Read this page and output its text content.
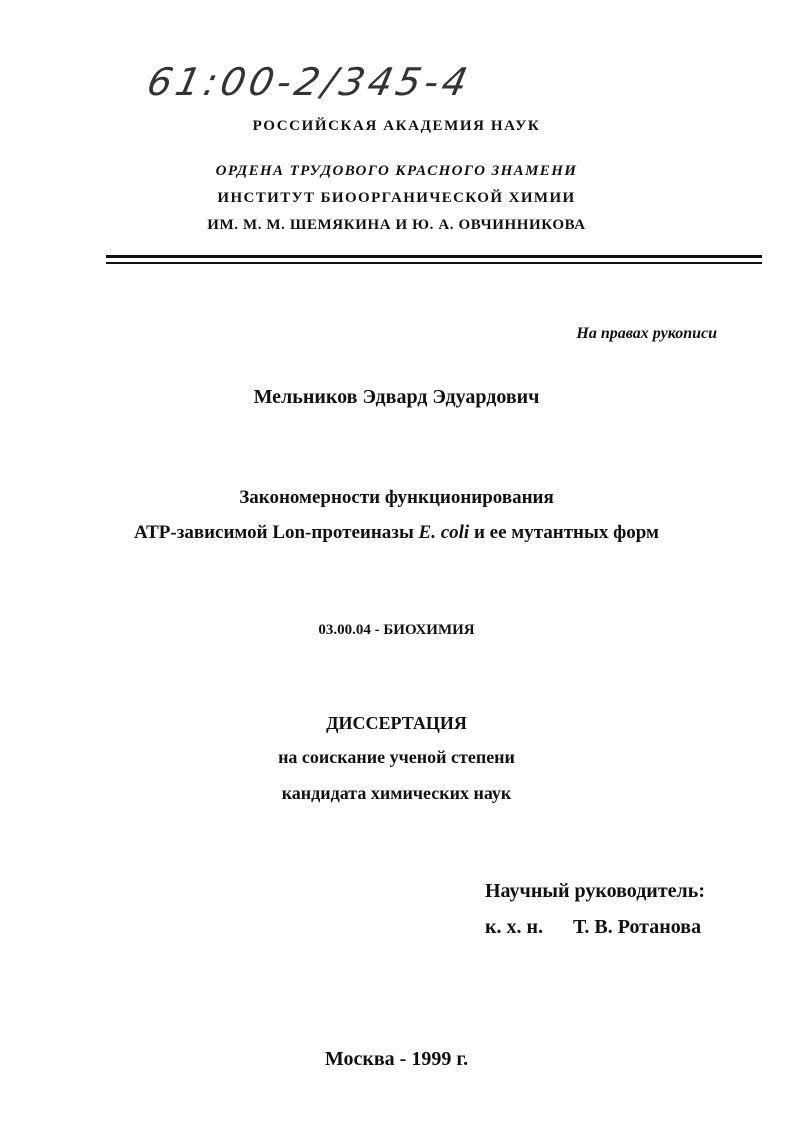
61:00-2/345-4
РОССИЙСКАЯ АКАДЕМИЯ НАУК
ОРДЕНА ТРУДОВОГО КРАСНОГО ЗНАМЕНИ
ИНСТИТУТ БИООРГАНИЧЕСКОЙ ХИМИИ
ИМ. М. М. ШЕМЯКИНА И Ю. А. ОВЧИННИКОВА
На правах рукописи
Мельников Эдвард Эдуардович
Закономерности функционирования
АТР-зависимой Lon-протеиназы E. coli и ее мутантных форм
03.00.04 - БИОХИМИЯ
ДИССЕРТАЦИЯ
на соискание ученой степени
кандидата химических наук
Научный руководитель:
к. х. н. Т. В. Ротанова
Москва - 1999 г.
